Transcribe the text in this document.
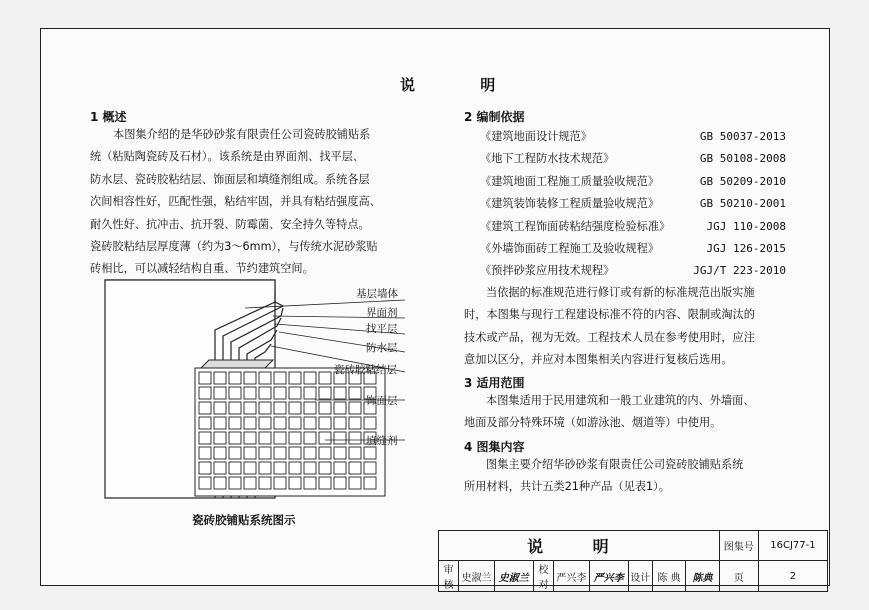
说 明
1 概述
本图集介绍的是华砂砂浆有限责任公司瓷砖胶铺贴系
统（粘贴陶瓷砖及石材）。该系统是由界面剂、找平层、
防水层、瓷砖胶粘结层、饰面层和填缝剂组成。系统各层
次间相容性好，匹配性强，粘结牢固，并具有粘结强度高、
耐久性好、抗冲击、抗开裂、防霉菌、安全持久等特点。
瓷砖胶粘结层厚度薄（约为3～6mm），与传统水泥砂浆贴
砖相比，可以减轻结构自重、节约建筑空间。
基层墙体
界面剂
找平层
防水层
瓷砖胶粘结层
饰面层
填缝剂
瓷砖胶铺贴系统图示
2 编制依据
《建筑地面设计规范》	GB 50037-2013
《地下工程防水技术规范》	GB 50108-2008
《建筑地面工程施工质量验收规范》	GB 50209-2010
《建筑装饰装修工程质量验收规范》	GB 50210-2001
《建筑工程饰面砖粘结强度检验标准》	JGJ 110-2008
《外墙饰面砖工程施工及验收规程》	JGJ 126-2015
《预拌砂浆应用技术规程》	JGJ/T 223-2010
当依据的标准规范进行修订或有新的标准规范出版实施
时，本图集与现行工程建设标准不符的内容、限制或淘汰的
技术或产品，视为无效。工程技术人员在参考使用时，应注
意加以区分，并应对本图集相关内容进行复核后选用。
3 适用范围
本图集适用于民用建筑和一般工业建筑的内、外墙面、
地面及部分特殊环境（如游泳池、烟道等）中使用。
4 图集内容
图集主要介绍华砂砂浆有限责任公司瓷砖胶铺贴系统
所用材料，共计五类21种产品（见表1）。
说 明									图集号	16CJ77-1
审核	史淑兰	史淑兰	校对	严兴李	严兴李	设计	陈 典	陈典	页	2
